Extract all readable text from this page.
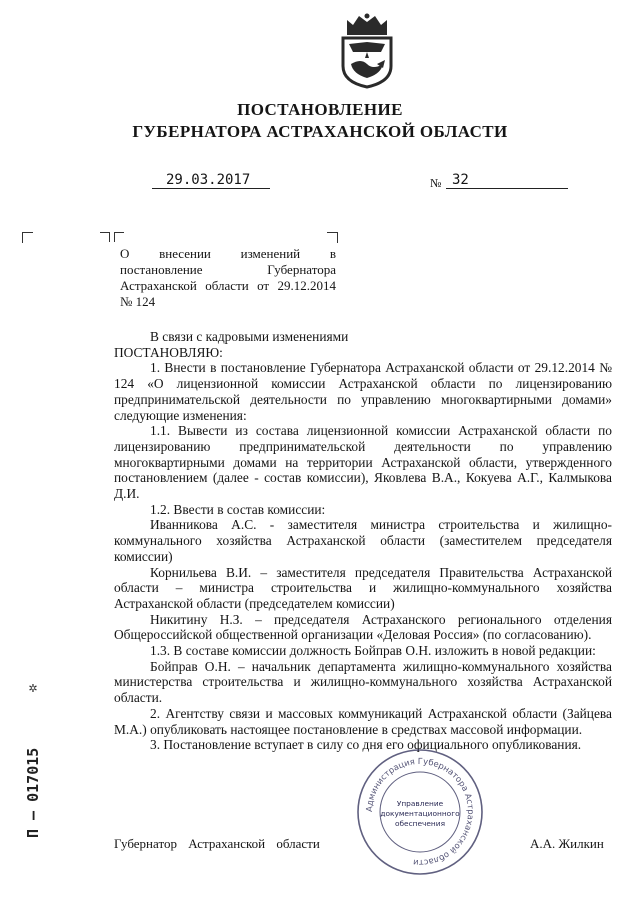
ПОСТАНОВЛЕНИЕ
ГУБЕРНАТОРА АСТРАХАНСКОЙ ОБЛАСТИ
29.03.2017	№ 32
О внесении изменений в постановление Губернатора Астраханской области от 29.12.2014 № 124

В связи с кадровыми изменениями

ПОСТАНОВЛЯЮ:

1. Внести в постановление Губернатора Астраханской области от 29.12.2014 № 124 «О лицензионной комиссии Астраханской области по лицензированию предпринимательской деятельности по управлению многоквартирными домами» следующие изменения:

1.1. Вывести из состава лицензионной комиссии Астраханской области по лицензированию предпринимательской деятельности по управлению многоквартирными домами на территории Астраханской области, утвержденного постановлением (далее - состав комиссии), Яковлева В.А., Кокуева А.Г., Калмыкова Д.И.

1.2. Ввести в состав комиссии:

Иванникова А.С. - заместителя министра строительства и жилищно-коммунального хозяйства Астраханской области (заместителем председателя комиссии)

Корнильева В.И. – заместителя председателя Правительства Астраханской области – министра строительства и жилищно-коммунального хозяйства Астраханской области (председателем комиссии)

Никитину Н.З. – председателя Астраханского регионального отделения Общероссийской общественной организации «Деловая Россия» (по согласованию).

1.3. В составе комиссии должность Бойправ О.Н. изложить в новой редакции:

Бойправ О.Н. – начальник департамента жилищно-коммунального хозяйства министерства строительства и жилищно-коммунального хозяйства Астраханской области.

2. Агентству связи и массовых коммуникаций Астраханской области (Зайцева М.А.) опубликовать настоящее постановление в средствах массовой информации.

3. Постановление вступает в силу со дня его официального опубликования.

Администрация Губернатора Астраханской области
Управление
документационного
обеспечения
Губернатор Астраханской области	А.А. Жилкин
✲
П – 017015
